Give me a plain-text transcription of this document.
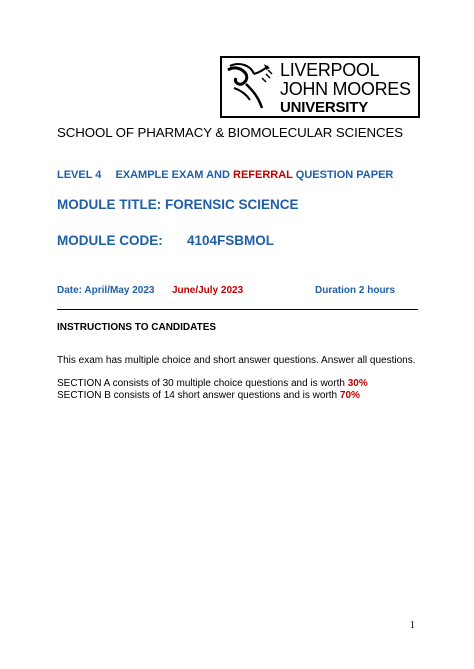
LIVERPOOL
JOHN MOORES
UNIVERSITY
SCHOOL OF PHARMACY & BIOMOLECULAR SCIENCES
LEVEL 4 EXAMPLE EXAM AND REFERRAL QUESTION PAPER
MODULE TITLE: FORENSIC SCIENCE
MODULE CODE: 4104FSBMOL
Date: April/May 2023 June/July 2023	Duration 2 hours
INSTRUCTIONS TO CANDIDATES
This exam has multiple choice and short answer questions. Answer all questions.
SECTION A consists of 30 multiple choice questions and is worth 30%
SECTION B consists of 14 short answer questions and is worth 70%
1
